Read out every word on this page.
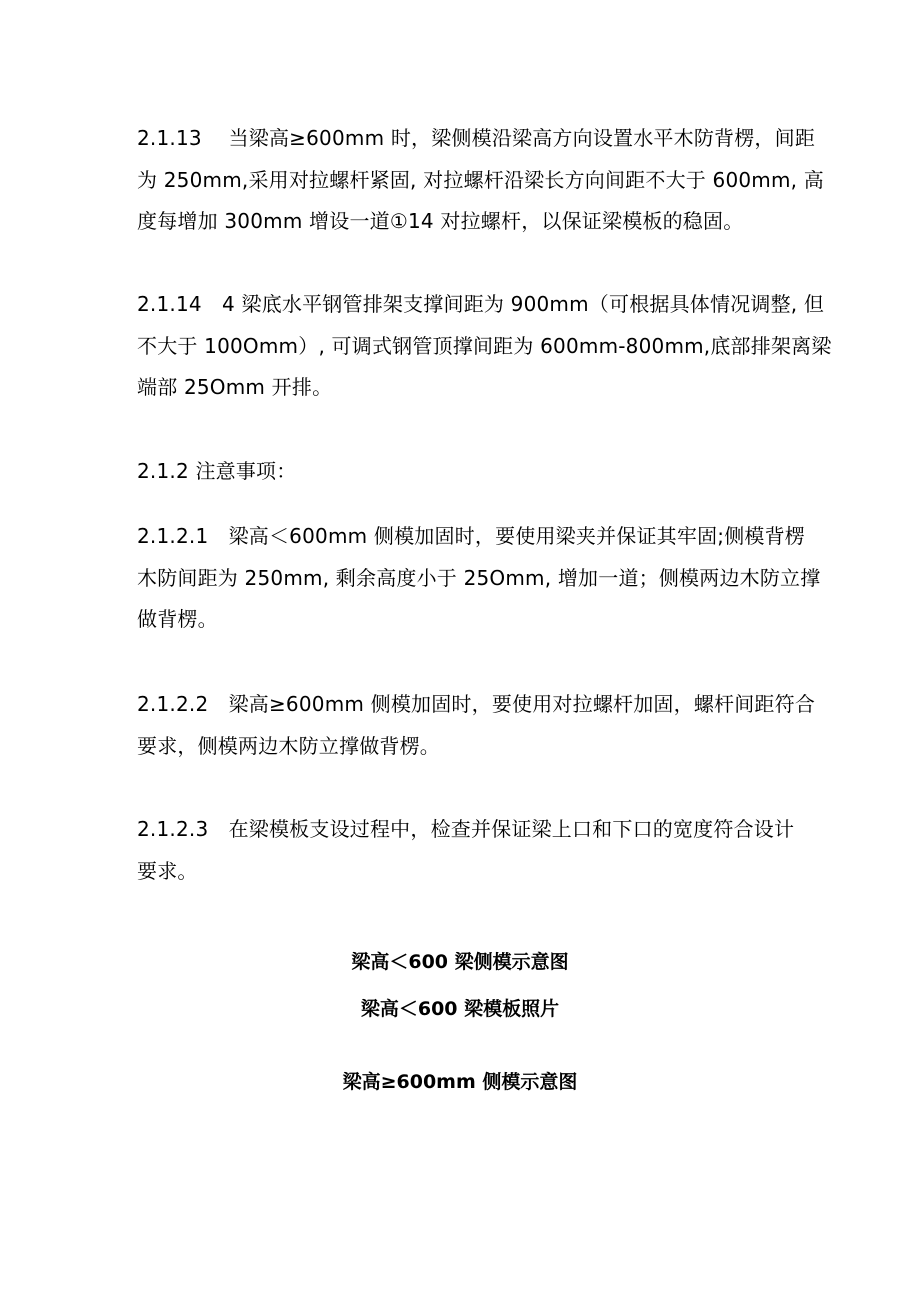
2.1.13　 当梁高≥600mm 时，梁侧模沿梁高方向设置水平木防背楞，间距
为 250mm,采用对拉螺杆紧固, 对拉螺杆沿梁长方向间距不大于 600mm, 高
度每增加 300mm 增设一道①14 对拉螺杆，以保证梁模板的稳固。
2.1.14　4 梁底水平钢管排架支撑间距为 900mm（可根据具体情况调整, 但
不大于 100Omm）, 可调式钢管顶撑间距为 600mm-800mm,底部排架离梁
端部 25Omm 开排。
2.1.2 注意事项：
2.1.2.1　梁高＜600mm 侧模加固时，要使用梁夹并保证其牢固;侧模背楞
木防间距为 250mm, 剩余高度小于 25Omm, 增加一道；侧模两边木防立撑
做背楞。
2.1.2.2　梁高≥600mm 侧模加固时，要使用对拉螺杆加固，螺杆间距符合
要求，侧模两边木防立撑做背楞。
2.1.2.3　在梁模板支设过程中，检查并保证梁上口和下口的宽度符合设计
要求。
梁高＜600 梁侧模示意图
梁高＜600 梁模板照片
梁高≥600mm 侧模示意图
